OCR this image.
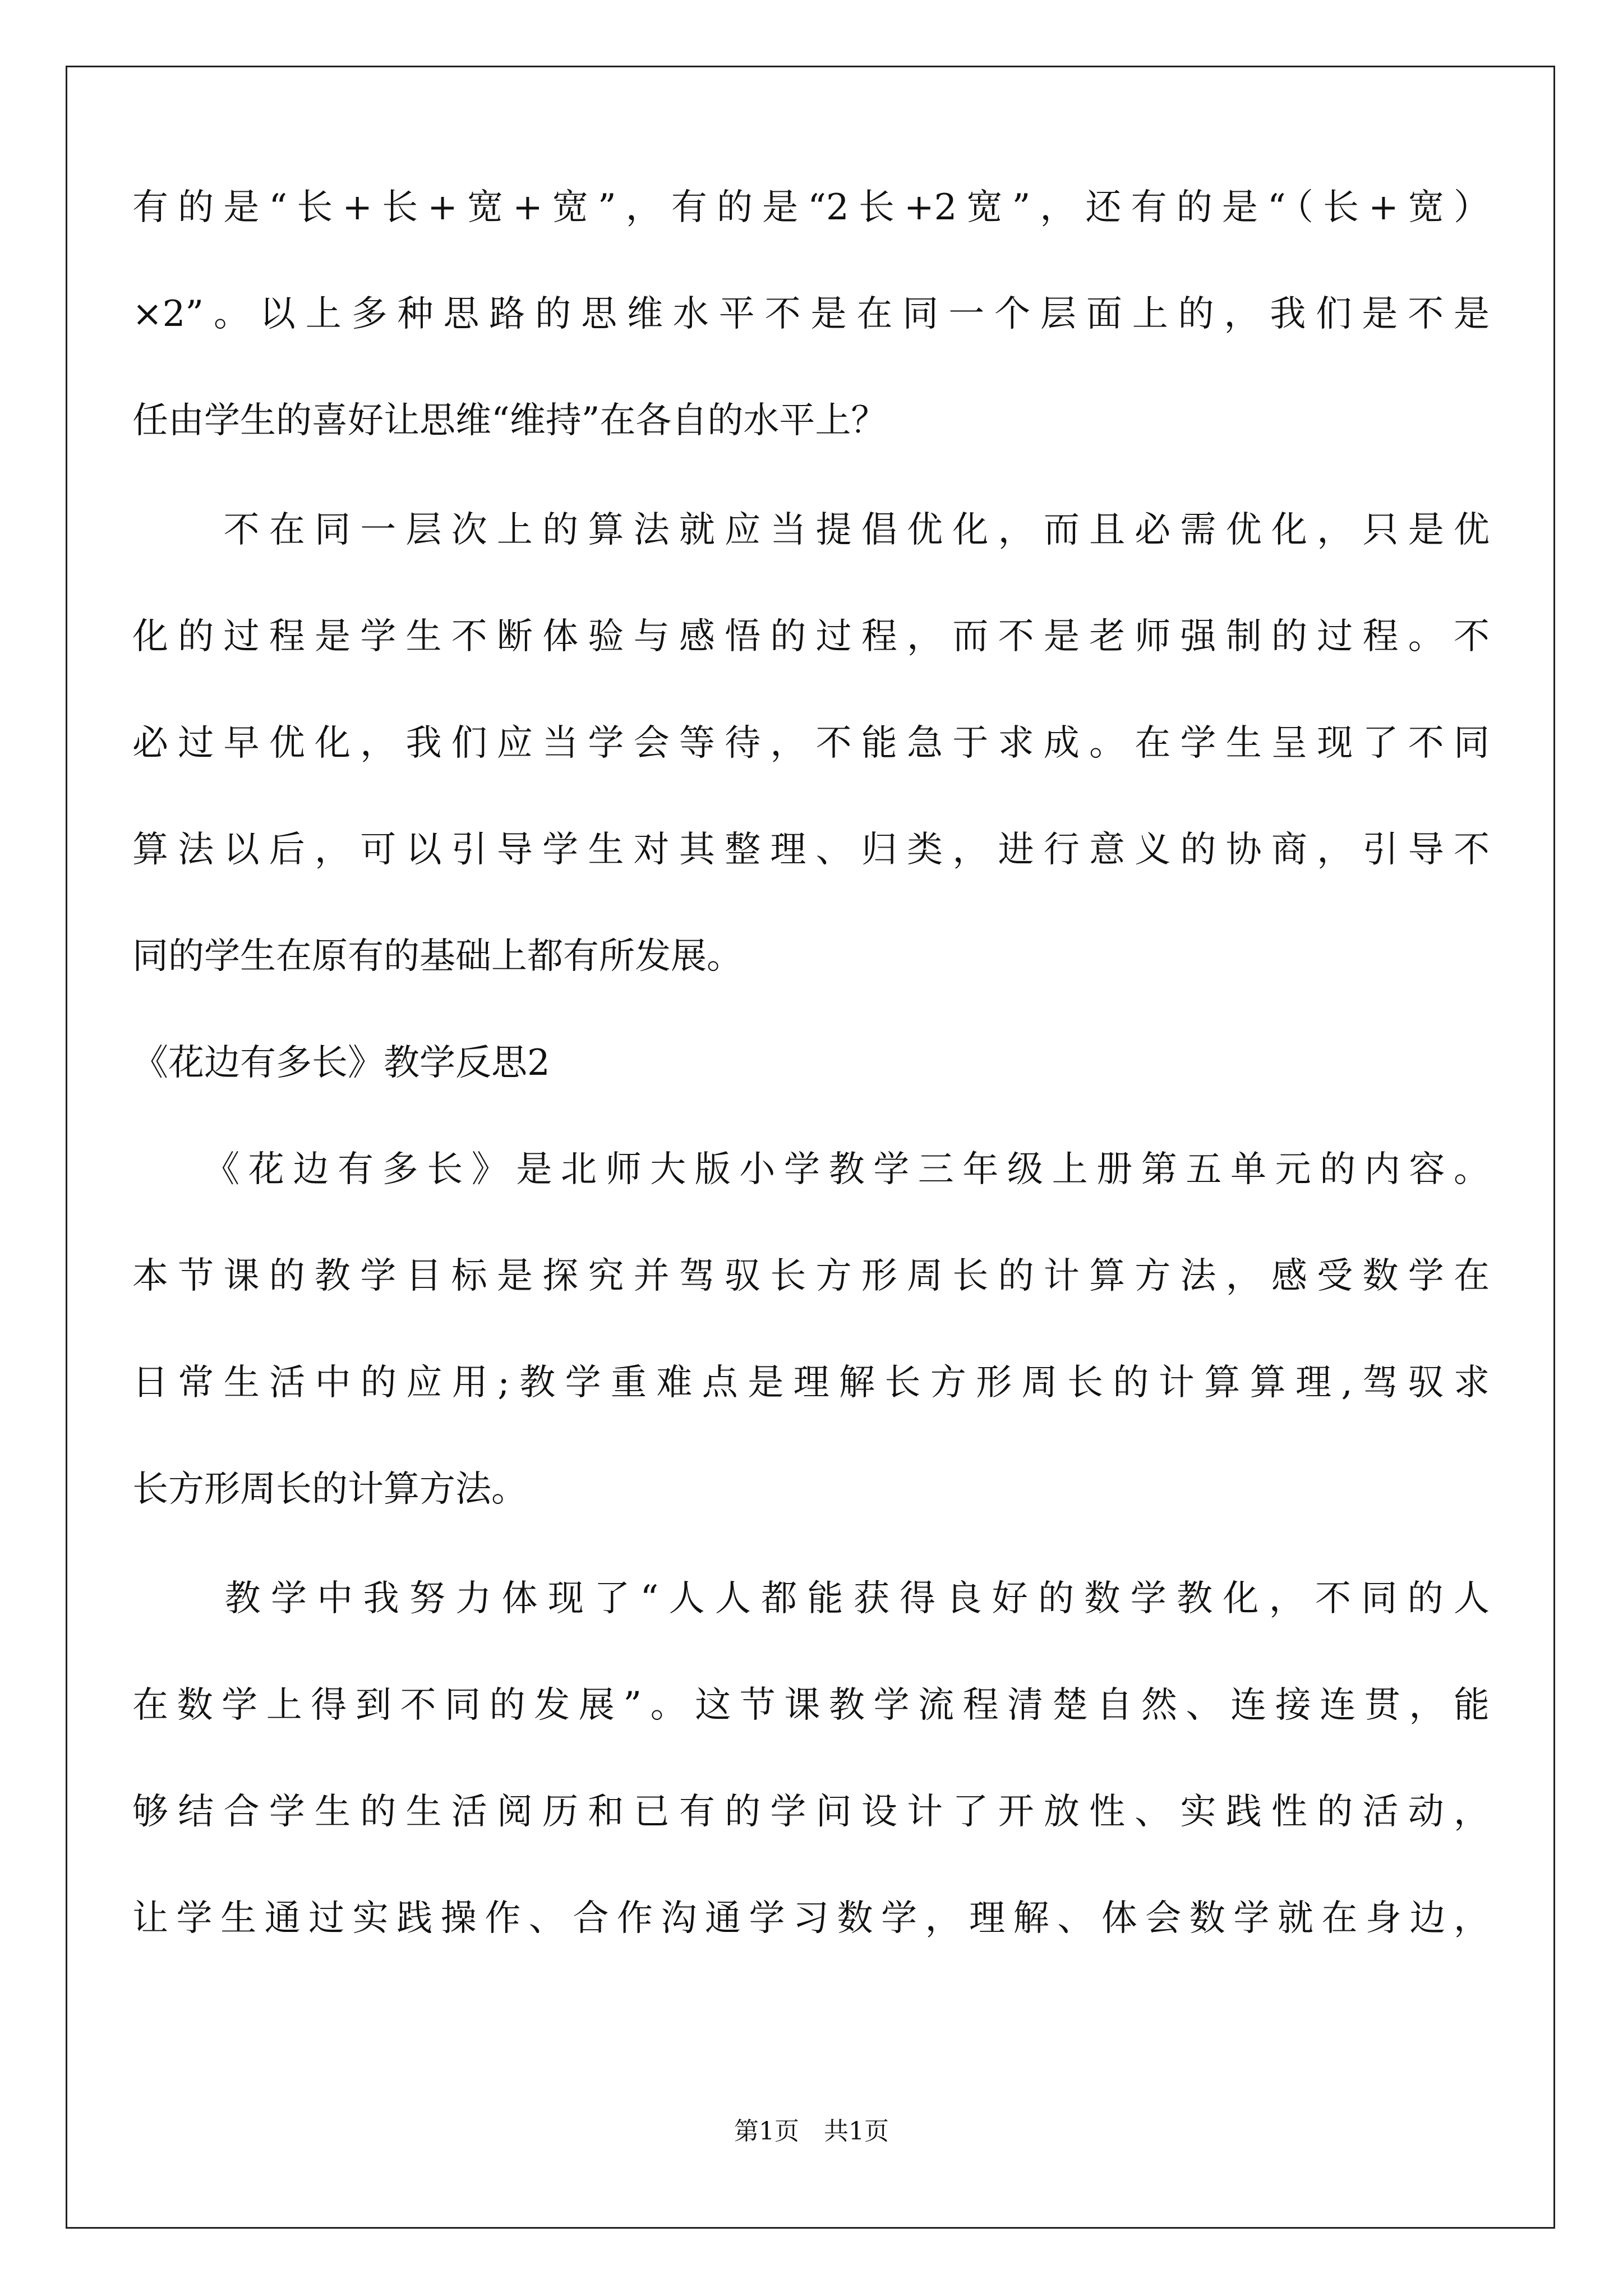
有的是“长+长+宽+宽”，有的是“2长+2宽”，还有的是“（长+宽）
×2”。以上多种思路的思维水平不是在同一个层面上的，我们是不是
任由学生的喜好让思维“维持”在各自的水平上？
　　不在同一层次上的算法就应当提倡优化，而且必需优化，只是优
化的过程是学生不断体验与感悟的过程，而不是老师强制的过程。不
必过早优化，我们应当学会等待，不能急于求成。在学生呈现了不同
算法以后，可以引导学生对其整理、归类，进行意义的协商，引导不
同的学生在原有的基础上都有所发展。
《花边有多长》教学反思2
　　《花边有多长》是北师大版小学教学三年级上册第五单元的内容。
本节课的教学目标是探究并驾驭长方形周长的计算方法，感受数学在
日常生活中的应用;教学重难点是理解长方形周长的计算算理,驾驭求
长方形周长的计算方法。
　　教学中我努力体现了“人人都能获得良好的数学教化，不同的人
在数学上得到不同的发展”。这节课教学流程清楚自然、连接连贯，能
够结合学生的生活阅历和已有的学问设计了开放性、实践性的活动，
让学生通过实践操作、合作沟通学习数学，理解、体会数学就在身边，
第1页　共1页
